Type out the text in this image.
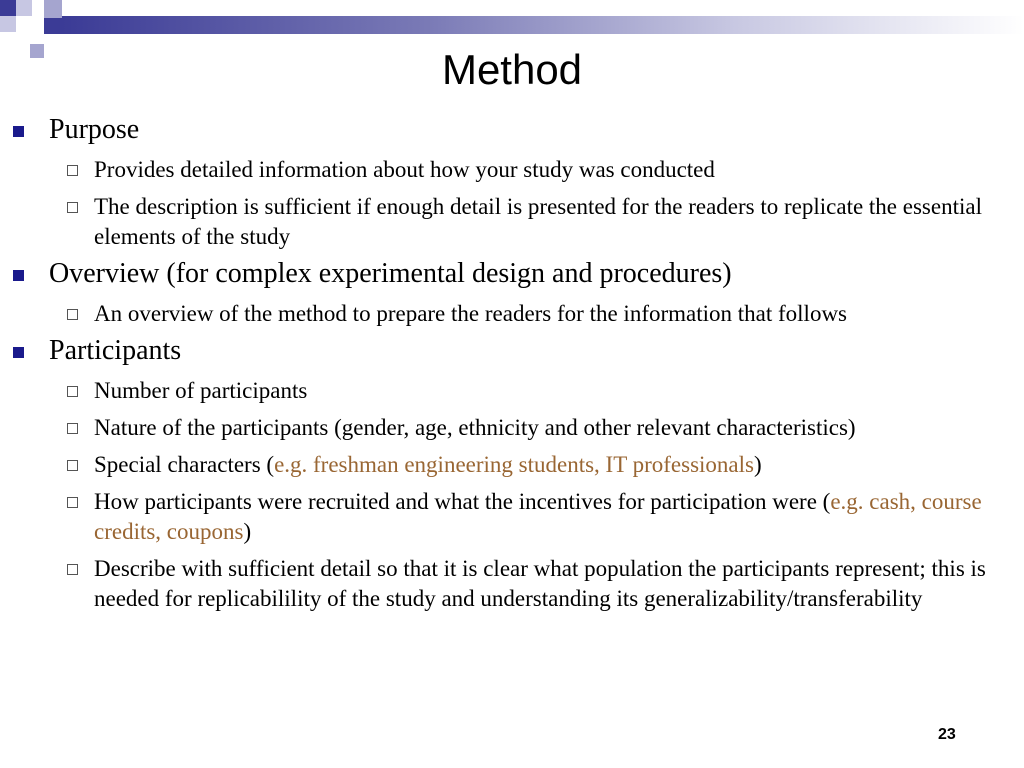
Method
Purpose
Provides detailed information about how your study was conducted
The description is sufficient if enough detail is presented for the readers to replicate the essential elements of the study
Overview (for complex experimental design and procedures)
An overview of the method to prepare the readers for the information that follows
Participants
Number of participants
Nature of the participants (gender, age, ethnicity and other relevant characteristics)
Special characters (e.g. freshman engineering students, IT professionals)
How participants were recruited and what the incentives for participation were (e.g. cash, course credits, coupons)
Describe with sufficient detail so that it is clear what population the participants represent; this is needed for replicabilility of the study and understanding its generalizability/transferability
23
